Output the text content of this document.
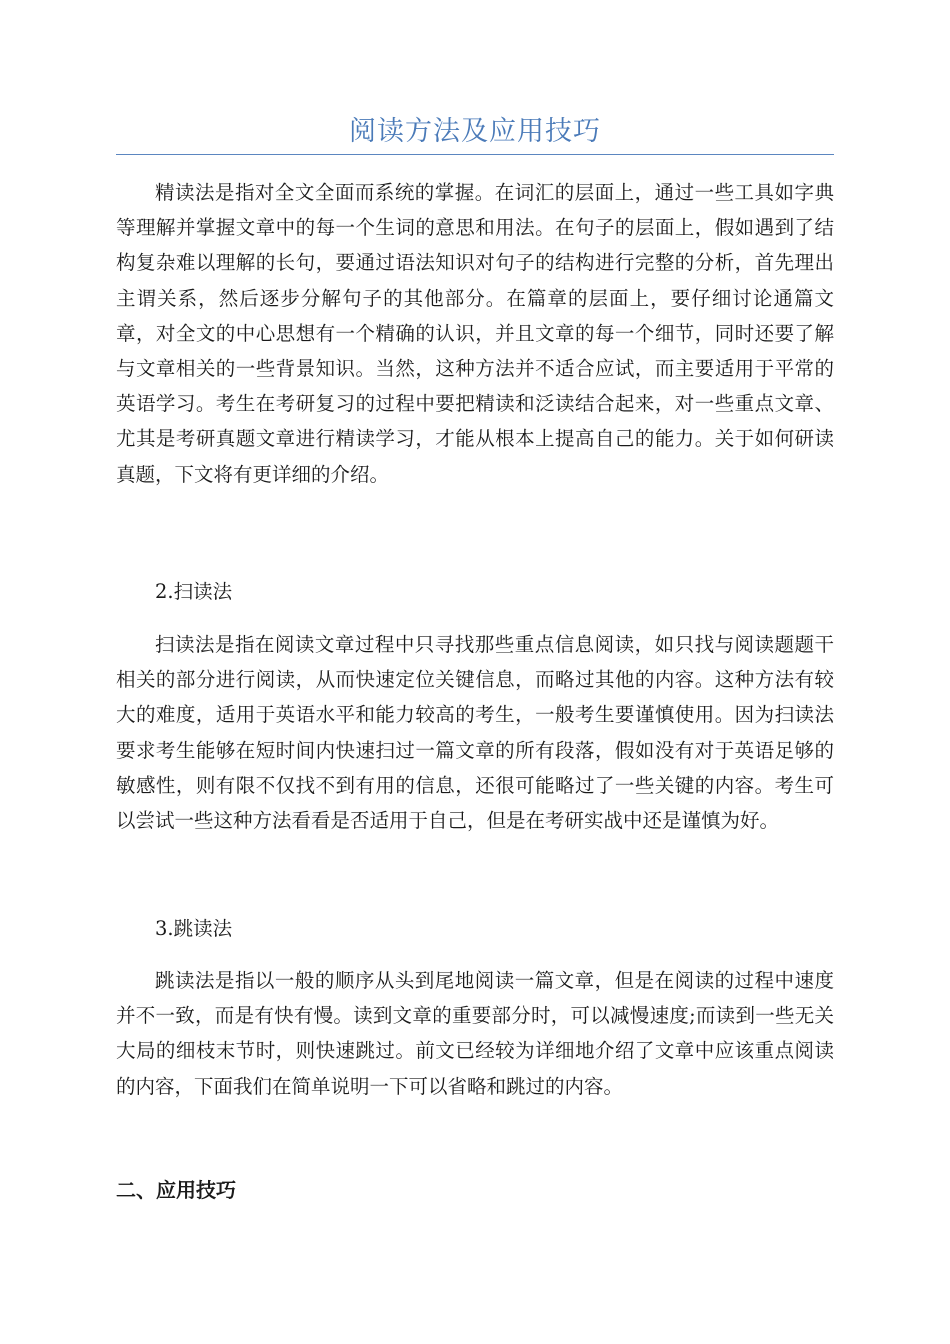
阅读方法及应用技巧

精读法是指对全文全面而系统的掌握。在词汇的层面上，通过一些工具如字典等理解并掌握文章中的每一个生词的意思和用法。在句子的层面上，假如遇到了结构复杂难以理解的长句，要通过语法知识对句子的结构进行完整的分析，首先理出主谓关系，然后逐步分解句子的其他部分。在篇章的层面上，要仔细讨论通篇文章，对全文的中心思想有一个精确的认识，并且文章的每一个细节，同时还要了解与文章相关的一些背景知识。当然，这种方法并不适合应试，而主要适用于平常的英语学习。考生在考研复习的过程中要把精读和泛读结合起来，对一些重点文章、尤其是考研真题文章进行精读学习，才能从根本上提高自己的能力。关于如何研读真题，下文将有更详细的介绍。

2.扫读法

扫读法是指在阅读文章过程中只寻找那些重点信息阅读，如只找与阅读题题干相关的部分进行阅读，从而快速定位关键信息，而略过其他的内容。这种方法有较大的难度，适用于英语水平和能力较高的考生，一般考生要谨慎使用。因为扫读法要求考生能够在短时间内快速扫过一篇文章的所有段落，假如没有对于英语足够的敏感性，则有限不仅找不到有用的信息，还很可能略过了一些关键的内容。考生可以尝试一些这种方法看看是否适用于自己，但是在考研实战中还是谨慎为好。

3.跳读法

跳读法是指以一般的顺序从头到尾地阅读一篇文章，但是在阅读的过程中速度并不一致，而是有快有慢。读到文章的重要部分时，可以减慢速度;而读到一些无关大局的细枝末节时，则快速跳过。前文已经较为详细地介绍了文章中应该重点阅读的内容，下面我们在简单说明一下可以省略和跳过的内容。

二、应用技巧
